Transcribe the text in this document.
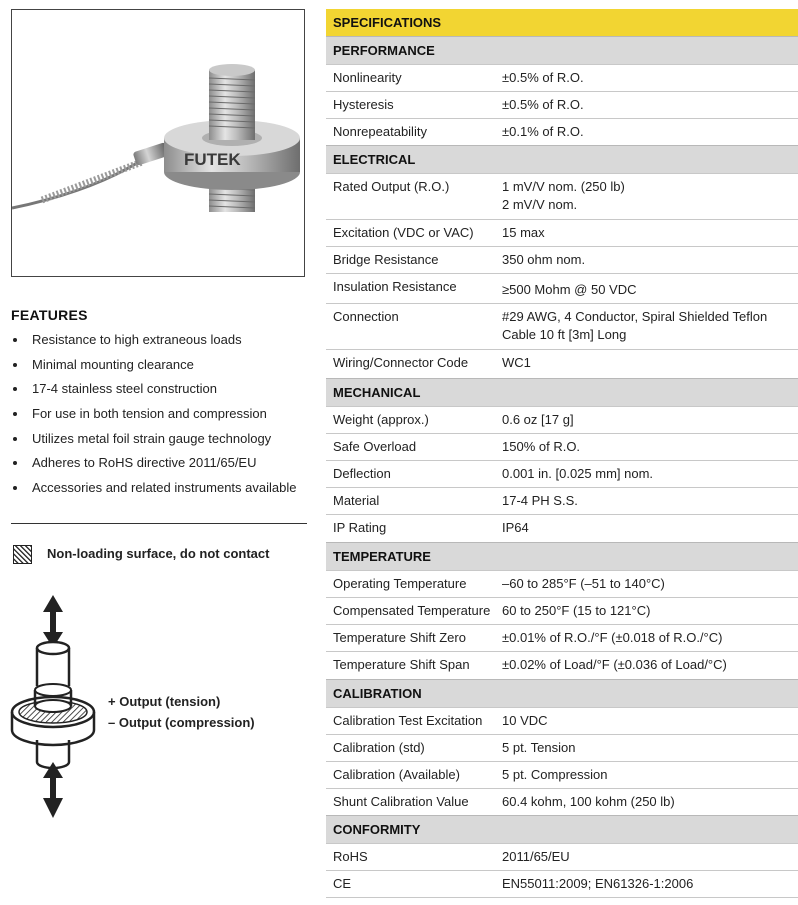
FUTEK
FEATURES
Resistance to high extraneous loads
Minimal mounting clearance
17-4 stainless steel construction
For use in both tension and compression
Utilizes metal foil strain gauge technology
Adheres to RoHS directive 2011/65/EU
Accessories and related instruments available
Non-loading surface, do not contact
+ Output (tension)
– Output (compression)
SPECIFICATIONS
PERFORMANCE
Nonlinearity	±0.5% of R.O.
Hysteresis	±0.5% of R.O.
Nonrepeatability	±0.1% of R.O.
ELECTRICAL
Rated Output (R.O.)	1 mV/V nom. (250 lb)
2 mV/V nom.
Excitation (VDC or VAC)	15 max
Bridge Resistance	350 ohm nom.
Insulation Resistance	≥500 Mohm @ 50 VDC
Connection	#29 AWG, 4 Conductor, Spiral Shielded Teflon Cable 10 ft [3m] Long
Wiring/Connector Code	WC1
MECHANICAL
Weight (approx.)	0.6 oz [17 g]
Safe Overload	150% of R.O.
Deflection	0.001 in. [0.025 mm] nom.
Material	17-4 PH S.S.
IP Rating	IP64
TEMPERATURE
Operating Temperature	–60 to 285°F (–51 to 140°C)
Compensated Temperature 60 to 250°F (15 to 121°C)
Temperature Shift Zero	±0.01% of R.O./°F (±0.018 of R.O./°C)
Temperature Shift Span	±0.02% of Load/°F (±0.036 of Load/°C)
CALIBRATION
Calibration Test Excitation	10 VDC
Calibration (std)	5 pt. Tension
Calibration (Available)	5 pt. Compression
Shunt Calibration Value	60.4 kohm, 100 kohm (250 lb)
CONFORMITY
RoHS	2011/65/EU
CE	EN55011:2009; EN61326-1:2006
